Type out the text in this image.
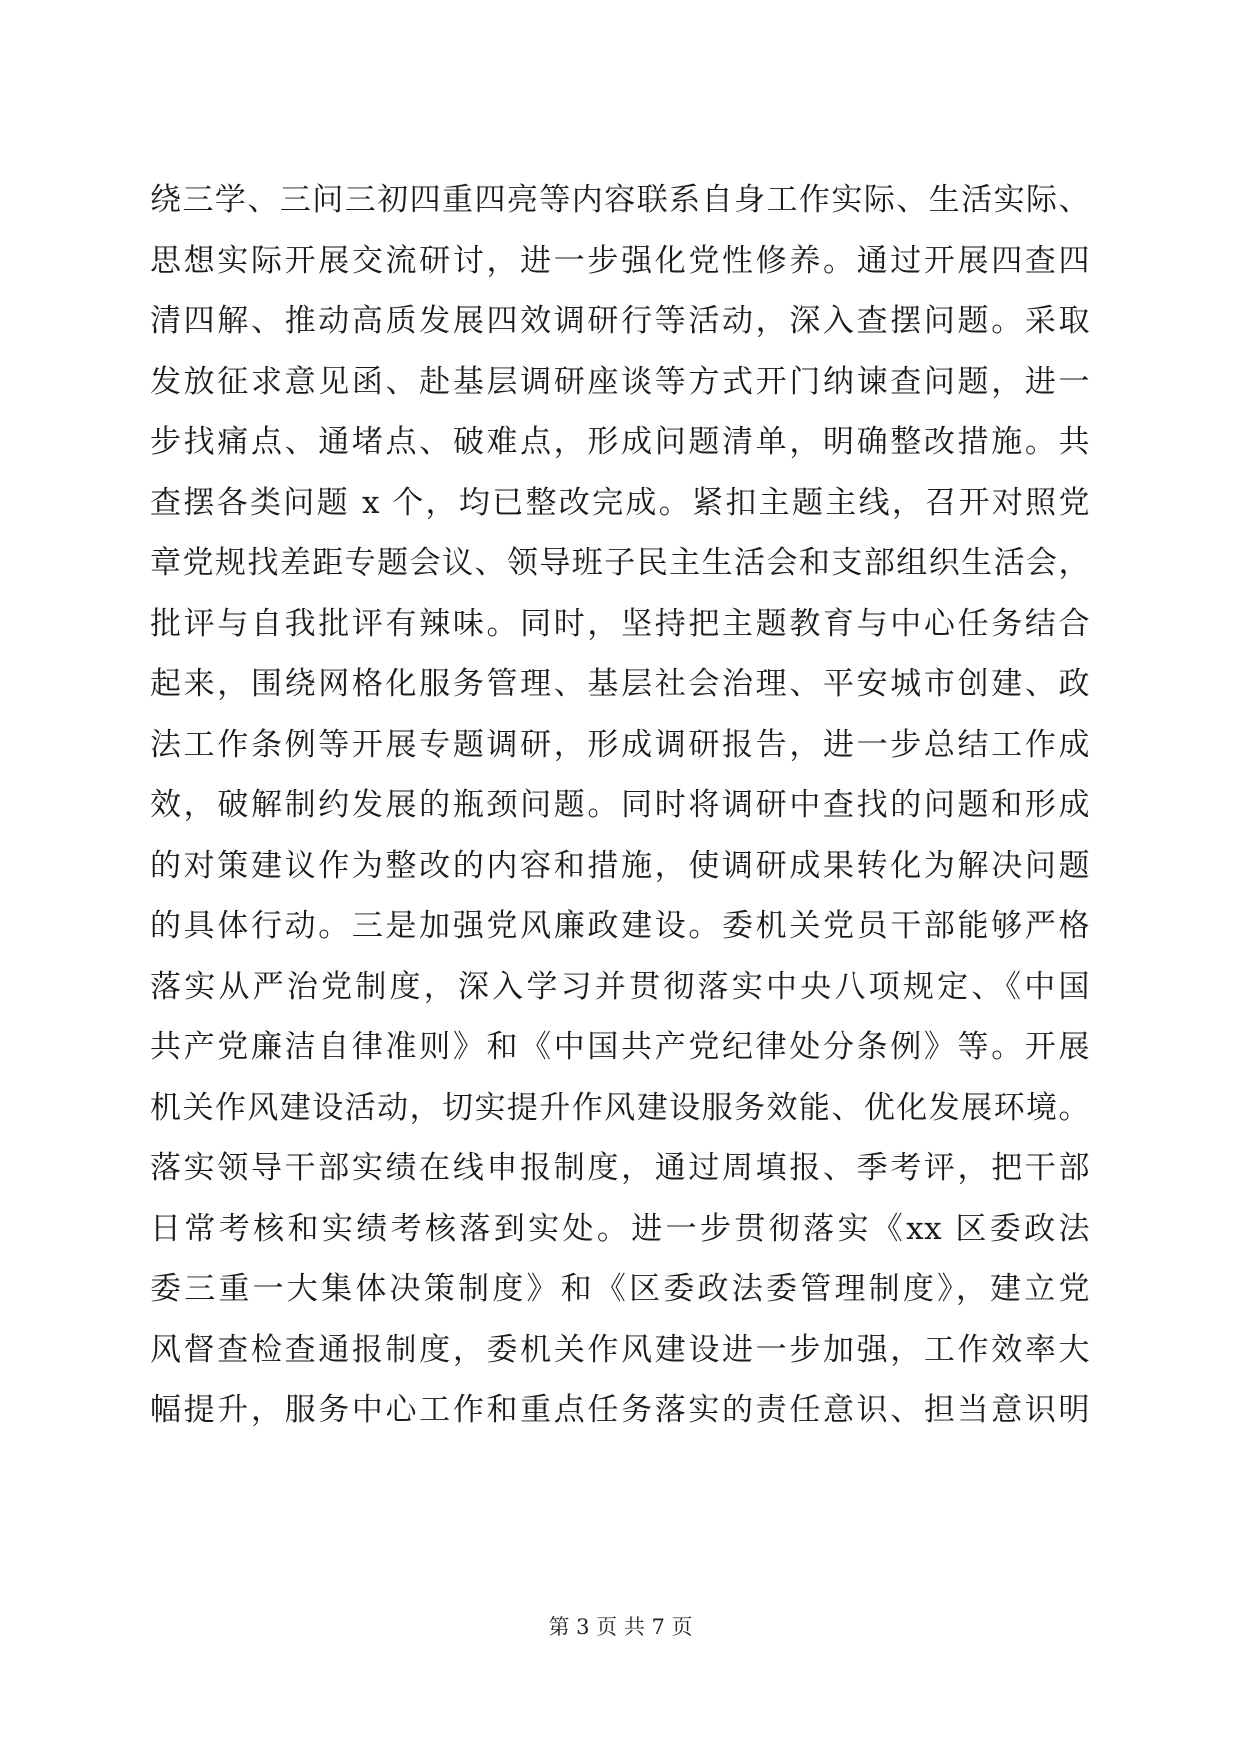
绕三学、三问三初四重四亮等内容联系自身工作实际、生活实际、
思想实际开展交流研讨，进一步强化党性修养。通过开展四查四
清四解、推动高质发展四效调研行等活动，深入查摆问题。采取
发放征求意见函、赴基层调研座谈等方式开门纳谏查问题，进一
步找痛点、通堵点、破难点，形成问题清单，明确整改措施。共
查摆各类问题 x 个，均已整改完成。紧扣主题主线，召开对照党
章党规找差距专题会议、领导班子民主生活会和支部组织生活会，
批评与自我批评有辣味。同时，坚持把主题教育与中心任务结合
起来，围绕网格化服务管理、基层社会治理、平安城市创建、政
法工作条例等开展专题调研，形成调研报告，进一步总结工作成
效，破解制约发展的瓶颈问题。同时将调研中查找的问题和形成
的对策建议作为整改的内容和措施，使调研成果转化为解决问题
的具体行动。三是加强党风廉政建设。委机关党员干部能够严格
落实从严治党制度，深入学习并贯彻落实中央八项规定、《中国
共产党廉洁自律准则》和《中国共产党纪律处分条例》等。开展
机关作风建设活动，切实提升作风建设服务效能、优化发展环境。
落实领导干部实绩在线申报制度，通过周填报、季考评，把干部
日常考核和实绩考核落到实处。进一步贯彻落实《xx 区委政法
委三重一大集体决策制度》和《区委政法委管理制度》，建立党
风督查检查通报制度，委机关作风建设进一步加强，工作效率大
幅提升，服务中心工作和重点任务落实的责任意识、担当意识明
第 3 页 共 7 页
